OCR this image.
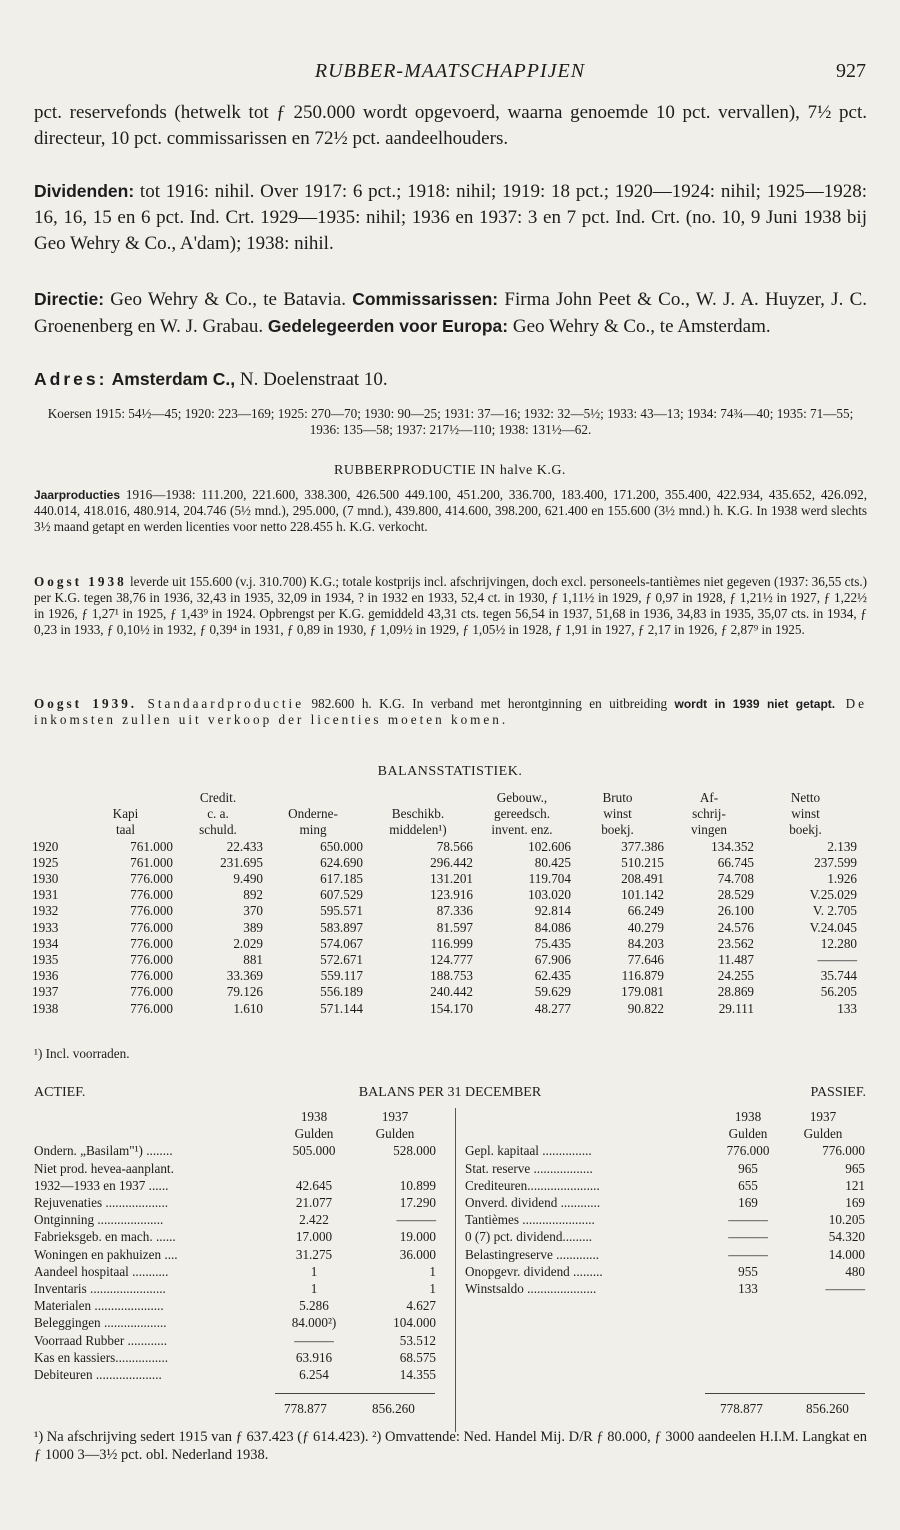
RUBBER-MAATSCHAPPIJEN	927
pct. reservefonds (hetwelk tot ƒ 250.000 wordt opgevoerd, waarna genoemde 10 pct. vervallen), 7½ pct. directeur, 10 pct. commissarissen en 72½ pct. aandeelhouders.
Dividenden: tot 1916: nihil. Over 1917: 6 pct.; 1918: nihil; 1919: 18 pct.; 1920—1924: nihil; 1925—1928: 16, 16, 15 en 6 pct. Ind. Crt. 1929—1935: nihil; 1936 en 1937: 3 en 7 pct. Ind. Crt. (no. 10, 9 Juni 1938 bij Geo Wehry & Co., A'dam); 1938: nihil.
Directie: Geo Wehry & Co., te Batavia. Commissarissen: Firma John Peet & Co., W. J. A. Huyzer, J. C. Groenenberg en W. J. Grabau. Gedelegeerden voor Europa: Geo Wehry & Co., te Amsterdam.
Adres: Amsterdam C., N. Doelenstraat 10.
Koersen 1915: 54½—45; 1920: 223—169; 1925: 270—70; 1930: 90—25; 1931: 37—16; 1932: 32—5½; 1933: 43—13; 1934: 74¾—40; 1935: 71—55; 1936: 135—58; 1937: 217½—110; 1938: 131½—62.
RUBBERPRODUCTIE IN halve K.G.
Jaarproducties 1916—1938: 111.200, 221.600, 338.300, 426.500 449.100, 451.200, 336.700, 183.400, 171.200, 355.400, 422.934, 435.652, 426.092, 440.014, 418.016, 480.914, 204.746 (5½ mnd.), 295.000, (7 mnd.), 439.800, 414.600, 398.200, 621.400 en 155.600 (3½ mnd.) h. K.G. In 1938 werd slechts 3½ maand getapt en werden licenties voor netto 228.455 h. K.G. verkocht.
Oogst 1938 leverde uit 155.600 (v.j. 310.700) K.G.; totale kostprijs incl. afschrijvingen, doch excl. personeels-tantièmes niet gegeven (1937: 36,55 cts.) per K.G. tegen 38,76 in 1936, 32,43 in 1935, 32,09 in 1934, ? in 1932 en 1933, 52,4 ct. in 1930, ƒ 1,11½ in 1929, ƒ 0,97 in 1928, ƒ 1,21½ in 1927, ƒ 1,22½ in 1926, ƒ 1,27¹ in 1925, ƒ 1,43⁹ in 1924. Opbrengst per K.G. gemiddeld 43,31 cts. tegen 56,54 in 1937, 51,68 in 1936, 34,83 in 1935, 35,07 cts. in 1934, ƒ 0,23 in 1933, ƒ 0,10½ in 1932, ƒ 0,39⁴ in 1931, ƒ 0,89 in 1930, ƒ 1,09½ in 1929, ƒ 1,05½ in 1928, ƒ 1,91 in 1927, ƒ 2,17 in 1926, ƒ 2,87⁹ in 1925.
Oogst 1939. Standaardproductie 982.600 h. K.G. In verband met herontginning en uitbreiding wordt in 1939 niet getapt. De inkomsten zullen uit verkoop der licenties moeten komen.
BALANSSTATISTIEK.
		Credit.			Gebouw.,	Bruto	Af-	Netto
	Kapi	c. a.	Onderne-	Beschikb.	gereedsch.	winst	schrij-	winst
	taal	schuld.	ming	middelen¹)	invent. enz.	boekj.	vingen	boekj.
1920	761.000	22.433	650.000	78.566	102.606	377.386	134.352	2.139
1925	761.000	231.695	624.690	296.442	80.425	510.215	66.745	237.599
1930	776.000	9.490	617.185	131.201	119.704	208.491	74.708	1.926
1931	776.000	892	607.529	123.916	103.020	101.142	28.529	V.25.029
1932	776.000	370	595.571	87.336	92.814	66.249	26.100	V. 2.705
1933	776.000	389	583.897	81.597	84.086	40.279	24.576	V.24.045
1934	776.000	2.029	574.067	116.999	75.435	84.203	23.562	12.280
1935	776.000	881	572.671	124.777	67.906	77.646	11.487	———
1936	776.000	33.369	559.117	188.753	62.435	116.879	24.255	35.744
1937	776.000	79.126	556.189	240.442	59.629	179.081	28.869	56.205
1938	776.000	1.610	571.144	154.170	48.277	90.822	29.111	133
¹) Incl. voorraden.
ACTIEF.	BALANS PER 31 DECEMBER	PASSIEF.
	1938	1937
	Gulden	Gulden
Ondern. „Basilam"¹) ........	505.000	528.000
Niet prod. hevea-aanplant.		
1932—1933 en 1937 ......	42.645	10.899
Rejuvenaties ...................	21.077	17.290
Ontginning ....................	2.422	———
Fabrieksgeb. en mach. ......	17.000	19.000
Woningen en pakhuizen ....	31.275	36.000
Aandeel hospitaal ...........	1	1
Inventaris .......................	1	1
Materialen .....................	5.286	4.627
Beleggingen ...................	84.000²)	104.000
Voorraad Rubber ............	———	53.512
Kas en kassiers................	63.916	68.575
Debiteuren ....................	6.254	14.355
	1938	1937
	Gulden	Gulden
Gepl. kapitaal ...............	776.000	776.000
Stat. reserve ..................	965	965
Crediteuren......................	655	121
Onverd. dividend ............	169	169
Tantièmes ......................	———	10.205
0 (7) pct. dividend.........	———	54.320
Belastingreserve .............	———	14.000
Onopgevr. dividend .........	955	480
Winstsaldo .....................	133	———
778.877	856.260	778.877	856.260
¹) Na afschrijving sedert 1915 van ƒ 637.423 (ƒ 614.423). ²) Omvattende: Ned. Handel Mij. D/R ƒ 80.000, ƒ 3000 aandeelen H.I.M. Langkat en ƒ 1000 3—3½ pct. obl. Nederland 1938.
